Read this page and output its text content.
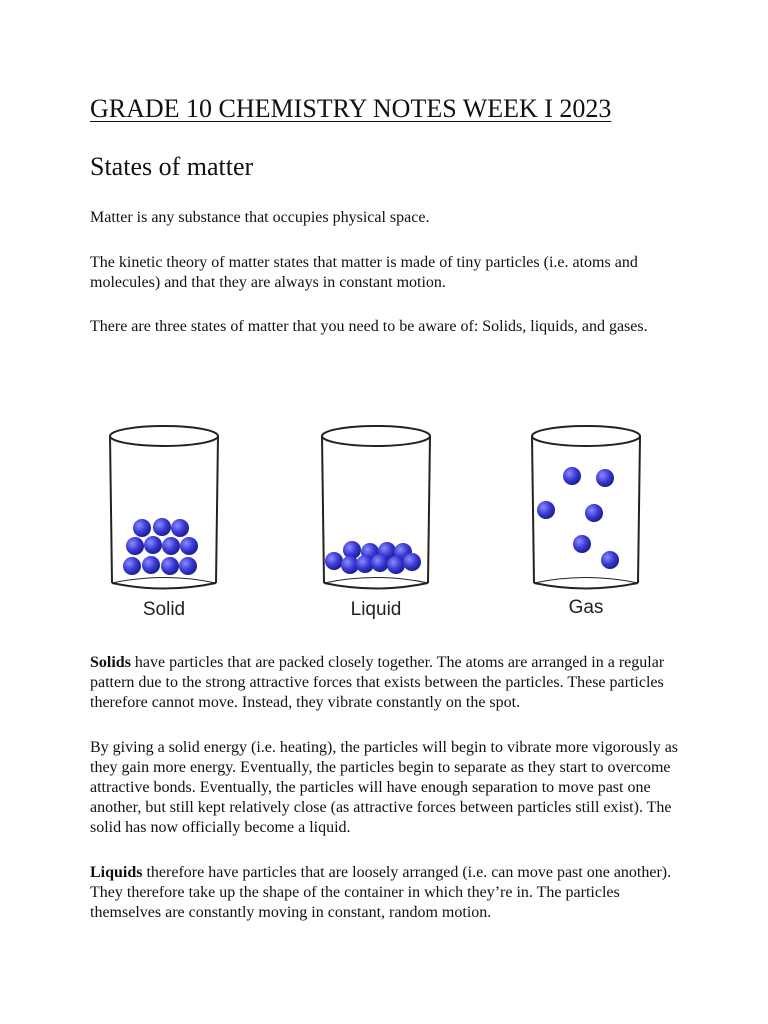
GRADE 10 CHEMISTRY NOTES WEEK I 2023
States of matter

Matter is any substance that occupies physical space.

The kinetic theory of matter states that matter is made of tiny particles (i.e. atoms and molecules) and that they are always in constant motion.

There are three states of matter that you need to be aware of: Solids, liquids, and gases.

Solid	Liquid	Gas

Solids have particles that are packed closely together. The atoms are arranged in a regular pattern due to the strong attractive forces that exists between the particles. These particles therefore cannot move. Instead, they vibrate constantly on the spot.

By giving a solid energy (i.e. heating), the particles will begin to vibrate more vigorously as they gain more energy. Eventually, the particles begin to separate as they start to overcome attractive bonds. Eventually, the particles will have enough separation to move past one another, but still kept relatively close (as attractive forces between particles still exist). The solid has now officially become a liquid.

Liquids therefore have particles that are loosely arranged (i.e. can move past one another). They therefore take up the shape of the container in which they’re in. The particles themselves are constantly moving in constant, random motion.
